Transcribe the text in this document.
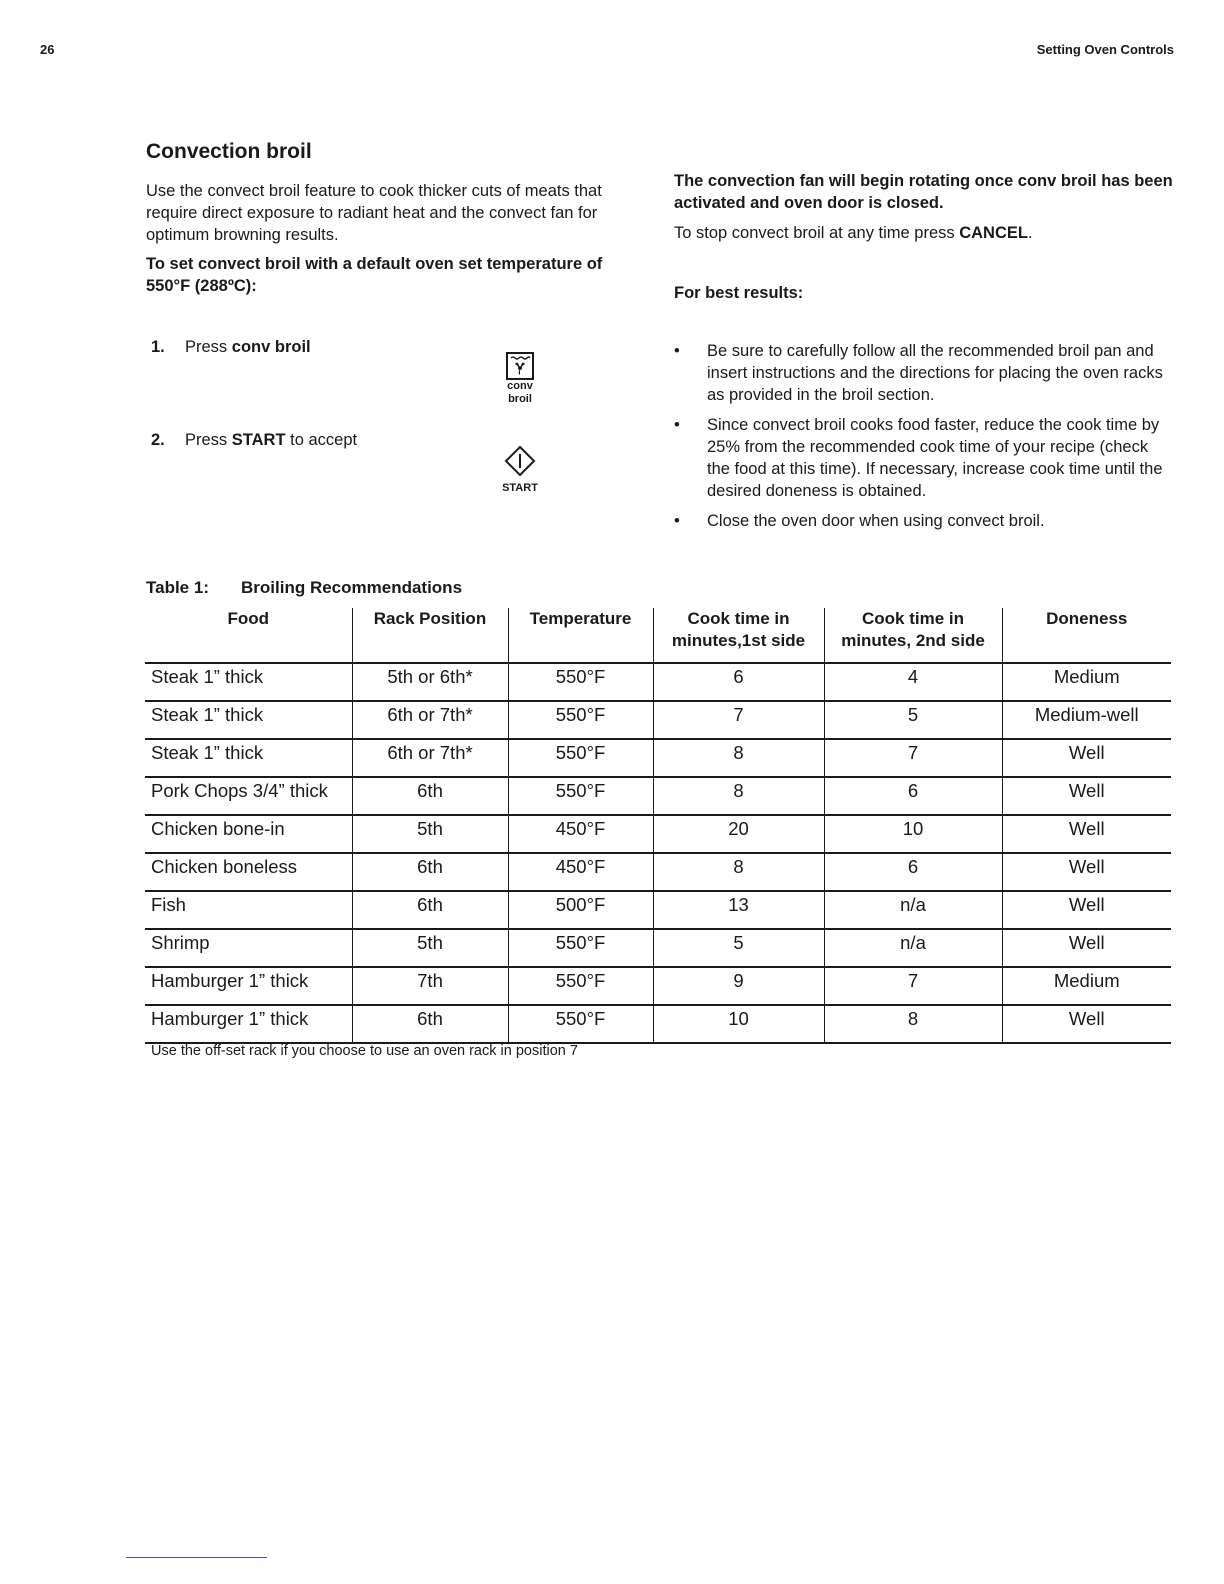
26	Setting Oven Controls
Convection broil
Use the convect broil feature to cook thicker cuts of meats that require direct exposure to radiant heat and the convect fan for optimum browning results.
To set convect broil with a default oven set temperature of 550°F (288ºC):
1. Press conv broil
2. Press START to accept
conv
broil
START
The convection fan will begin rotating once conv broil has been activated and oven door is closed.
To stop convect broil at any time press CANCEL.
For best results:
• Be sure to carefully follow all the recommended broil pan and insert instructions and the directions for placing the oven racks as provided in the broil section.
• Since convect broil cooks food faster, reduce the cook time by 25% from the recommended cook time of your recipe (check the food at this time). If necessary, increase cook time until the desired doneness is obtained.
• Close the oven door when using convect broil.
Table 1: Broiling Recommendations
Food	Rack Position	Temperature	Cook time in minutes,1st side	Cook time in minutes, 2nd side	Doneness
Steak 1” thick	5th or 6th*	550°F	6	4	Medium
Steak 1” thick	6th or 7th*	550°F	7	5	Medium-well
Steak 1” thick	6th or 7th*	550°F	8	7	Well
Pork Chops 3/4” thick	6th	550°F	8	6	Well
Chicken bone-in	5th	450°F	20	10	Well
Chicken boneless	6th	450°F	8	6	Well
Fish	6th	500°F	13	n/a	Well
Shrimp	5th	550°F	5	n/a	Well
Hamburger 1” thick	7th	550°F	9	7	Medium
Hamburger 1” thick	6th	550°F	10	8	Well
Use the off-set rack if you choose to use an oven rack in position 7
